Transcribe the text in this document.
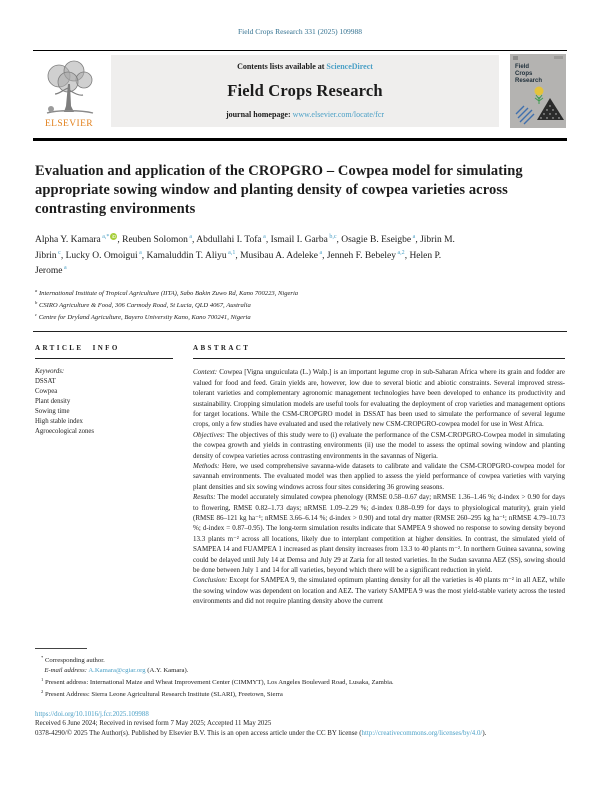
Field Crops Research 331 (2025) 109988
ELSEVIER
Contents lists available at ScienceDirect
Field Crops Research
journal homepage: www.elsevier.com/locate/fcr
Field
Crops
Research
Evaluation and application of the CROPGRO – Cowpea model for simulating appropriate sowing window and planting density of cowpea varieties across contrasting environments
Alpha Y. Kamara $^{a,*}$ iD, Reuben Solomon $^a$, Abdullahi I. Tofa $^a$, Ismail I. Garba $^{b,c}$, Osagie B. Eseigbe $^a$, Jibrin M. Jibrin $^c$, Lucky O. Omoigui $^a$, Kamaluddin T. Aliyu $^{a,1}$, Musibau A. Adeleke $^a$, Jenneh F. Bebeley $^{a,2}$, Helen P. Jerome $^a$
$^a$ International Institute of Tropical Agriculture (IITA), Sabo Bakin Zuwo Rd, Kano 700223, Nigeria
$^b$ CSIRO Agriculture & Food, 306 Carmody Road, St Lucia, QLD 4067, Australia
$^c$ Centre for Dryland Agriculture, Bayero University Kano, Kano 700241, Nigeria
ARTICLE INFO
Keywords:
DSSAT
Cowpea
Plant density
Sowing time
High stable index
Agroecological zones
ABSTRACT
Context: Cowpea [Vigna unguiculata (L.) Walp.] is an important legume crop in sub-Saharan Africa where its grain and fodder are valued for food and feed. Grain yields are, however, low due to several biotic and abiotic constraints. Several improved stress-tolerant varieties and complementary agronomic management technologies have been developed to enhance its productivity and sustainability. Cropping simulation models are useful tools for evaluating the deployment of crop varieties and management options for target locations. While the CSM-CROPGRO model in DSSAT has been used to simulate the performance of several legume crops, only a few studies have evaluated and used the relatively new CSM-CROPGRO-cowpea model for use in West Africa.
Objectives: The objectives of this study were to (i) evaluate the performance of the CSM-CROPGRO-Cowpea model in simulating the cowpea growth and yields in contrasting environments (ii) use the model to assess the optimal sowing window and planting density of cowpea varieties across contrasting environments in the savannas of Nigeria.
Methods: Here, we used comprehensive savanna-wide datasets to calibrate and validate the CSM-CROPGRO-cowpea model for savannah environments. The evaluated model was then applied to assess the yield performance of cowpea varieties with varying plant densities and six sowing windows across four sites considering 36 growing seasons.
Results: The model accurately simulated cowpea phenology (RMSE 0.58–0.67 day; nRMSE 1.36–1.46 %; d-index > 0.90 for days to flowering, RMSE 0.82–1.73 days; nRMSE 1.09–2.29 %; d-index 0.88–0.99 for days to physiological maturity), grain yield (RMSE 86–121 kg ha⁻¹; nRMSE 3.66–6.14 %; d-index > 0.90) and total dry matter (RMSE 260–295 kg ha⁻¹; nRMSE 4.79–10.73 %; d-index = 0.87–0.95). The long-term simulation results indicate that SAMPEA 9 showed no response to sowing density beyond 13.3 plants m⁻² across all locations, likely due to interplant competition at higher densities. In contrast, the simulated yield of SAMPEA 14 and FUAMPEA 1 increased as plant density increases from 13.3 to 40 plants m⁻². In northern Guinea savanna, sowing could be delayed until July 14 at Demsa and July 29 at Zaria for all tested varieties. In the Sudan savanna AEZ (SS), sowing should be done between July 1 and 14 for all varieties, beyond which there will be a significant reduction in yield.
Conclusion: Except for SAMPEA 9, the simulated optimum planting density for all the varieties is 40 plants m⁻² in all AEZ, while the sowing window was dependent on location and AEZ. The variety SAMPEA 9 was the most yield-stable variety across the tested environments and did not require planting density above the current
* Corresponding author.
E-mail address: A.Kamara@cgiar.org (A.Y. Kamara).
$^1$ Present address: International Maize and Wheat Improvement Center (CIMMYT), Los Angeles Boulevard Road, Lusaka, Zambia.
$^2$ Present Address: Sierra Leone Agricultural Research Institute (SLARI), Freetown, Sierra
https://doi.org/10.1016/j.fcr.2025.109988
Received 6 June 2024; Received in revised form 7 May 2025; Accepted 11 May 2025
0378-4290/© 2025 The Author(s). Published by Elsevier B.V. This is an open access article under the CC BY license (http://creativecommons.org/licenses/by/4.0/).
